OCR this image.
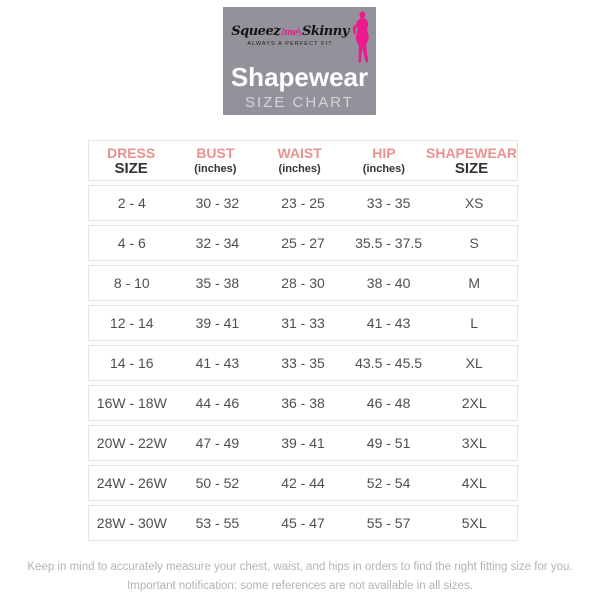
Squeez / me \ Skinny
ALWAYS A PERFECT FIT
Shapewear
SIZE CHART
DRESS
SIZE
BUST
(inches)
WAIST
(inches)
HIP
(inches)
SHAPEWEAR
SIZE
2 - 4	30 - 32	23 - 25	33 - 35	XS
4 - 6	32 - 34	25 - 27	35.5 - 37.5	S
8 - 10	35 - 38	28 - 30	38 - 40	M
12 - 14	39 - 41	31 - 33	41 - 43	L
14 - 16	41 - 43	33 - 35	43.5 - 45.5	XL
16W - 18W	44 - 46	36 - 38	46 - 48	2XL
20W - 22W	47 - 49	39 - 41	49 - 51	3XL
24W - 26W	50 - 52	42 - 44	52 - 54	4XL
28W - 30W	53 - 55	45 - 47	55 - 57	5XL
Keep in mind to accurately measure your chest, waist, and hips in orders to find the right fitting size for you.
Important notification: some references are not available in all sizes.
